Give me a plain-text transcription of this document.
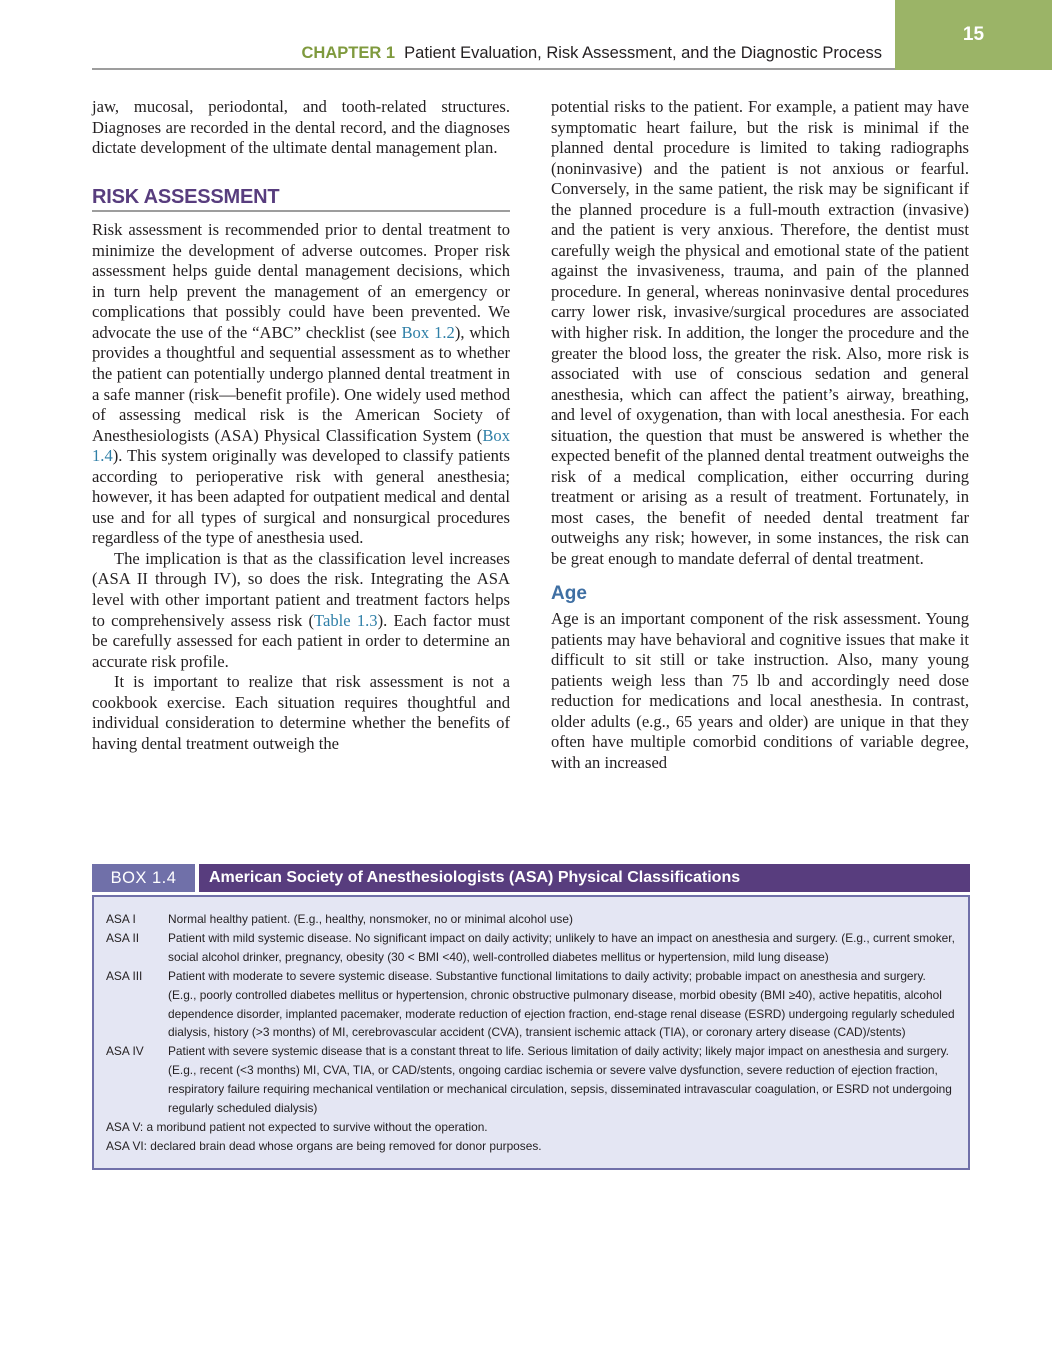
15
CHAPTER 1 Patient Evaluation, Risk Assessment, and the Diagnostic Process

jaw, mucosal, periodontal, and tooth-related structures. Diagnoses are recorded in the dental record, and the diagnoses dictate development of the ultimate dental management plan.

RISK ASSESSMENT

Risk assessment is recommended prior to dental treatment to minimize the development of adverse outcomes. Proper risk assessment helps guide dental management decisions, which in turn help prevent the management of an emergency or complications that possibly could have been prevented. We advocate the use of the “ABC” checklist (see Box 1.2), which provides a thoughtful and sequential assessment as to whether the patient can potentially undergo planned dental treatment in a safe manner (risk—benefit profile). One widely used method of assessing medical risk is the American Society of Anesthesiologists (ASA) Physical Classification System (Box 1.4). This system originally was developed to classify patients according to perioperative risk with general anesthesia; however, it has been adapted for outpatient medical and dental use and for all types of surgical and nonsurgical procedures regardless of the type of anesthesia used.

The implication is that as the classification level increases (ASA II through IV), so does the risk. Integrating the ASA level with other important patient and treatment factors helps to comprehensively assess risk (Table 1.3). Each factor must be carefully assessed for each patient in order to determine an accurate risk profile.

It is important to realize that risk assessment is not a cookbook exercise. Each situation requires thoughtful and individual consideration to determine whether the benefits of having dental treatment outweigh the

potential risks to the patient. For example, a patient may have symptomatic heart failure, but the risk is minimal if the planned dental procedure is limited to taking radiographs (noninvasive) and the patient is not anxious or fearful. Conversely, in the same patient, the risk may be significant if the planned procedure is a full-mouth extraction (invasive) and the patient is very anxious. Therefore, the dentist must carefully weigh the physical and emotional state of the patient against the invasiveness, trauma, and pain of the planned procedure. In general, whereas noninvasive dental procedures carry lower risk, invasive/surgical procedures are associated with higher risk. In addition, the longer the procedure and the greater the blood loss, the greater the risk. Also, more risk is associated with use of conscious sedation and general anesthesia, which can affect the patient’s airway, breathing, and level of oxygenation, than with local anesthesia. For each situation, the question that must be answered is whether the expected benefit of the planned dental treatment outweighs the risk of a medical complication, either occurring during treatment or arising as a result of treatment. Fortunately, in most cases, the benefit of needed dental treatment far outweighs any risk; however, in some instances, the risk can be great enough to mandate deferral of dental treatment.

Age

Age is an important component of the risk assessment. Young patients may have behavioral and cognitive issues that make it difficult to sit still or take instruction. Also, many young patients weigh less than 75 lb and accordingly need dose reduction for medications and local anesthesia. In contrast, older adults (e.g., 65 years and older) are unique in that they often have multiple comorbid conditions of variable degree, with an increased

BOX 1.4	American Society of Anesthesiologists (ASA) Physical Classifications
ASA I	Normal healthy patient. (E.g., healthy, nonsmoker, no or minimal alcohol use)
ASA II	Patient with mild systemic disease. No significant impact on daily activity; unlikely to have an impact on anesthesia and surgery. (E.g., current smoker, social alcohol drinker, pregnancy, obesity (30 < BMI <40), well-controlled diabetes mellitus or hypertension, mild lung disease)
ASA III	Patient with moderate to severe systemic disease. Substantive functional limitations to daily activity; probable impact on anesthesia and surgery. (E.g., poorly controlled diabetes mellitus or hypertension, chronic obstructive pulmonary disease, morbid obesity (BMI ≥40), active hepatitis, alcohol dependence disorder, implanted pacemaker, moderate reduction of ejection fraction, end-stage renal disease (ESRD) undergoing regularly scheduled dialysis, history (>3 months) of MI, cerebrovascular accident (CVA), transient ischemic attack (TIA), or coronary artery disease (CAD)/stents)
ASA IV	Patient with severe systemic disease that is a constant threat to life. Serious limitation of daily activity; likely major impact on anesthesia and surgery. (E.g., recent (<3 months) MI, CVA, TIA, or CAD/stents, ongoing cardiac ischemia or severe valve dysfunction, severe reduction of ejection fraction, respiratory failure requiring mechanical ventilation or mechanical circulation, sepsis, disseminated intravascular coagulation, or ESRD not undergoing regularly scheduled dialysis)
ASA V: a moribund patient not expected to survive without the operation.
ASA VI: declared brain dead whose organs are being removed for donor purposes.
